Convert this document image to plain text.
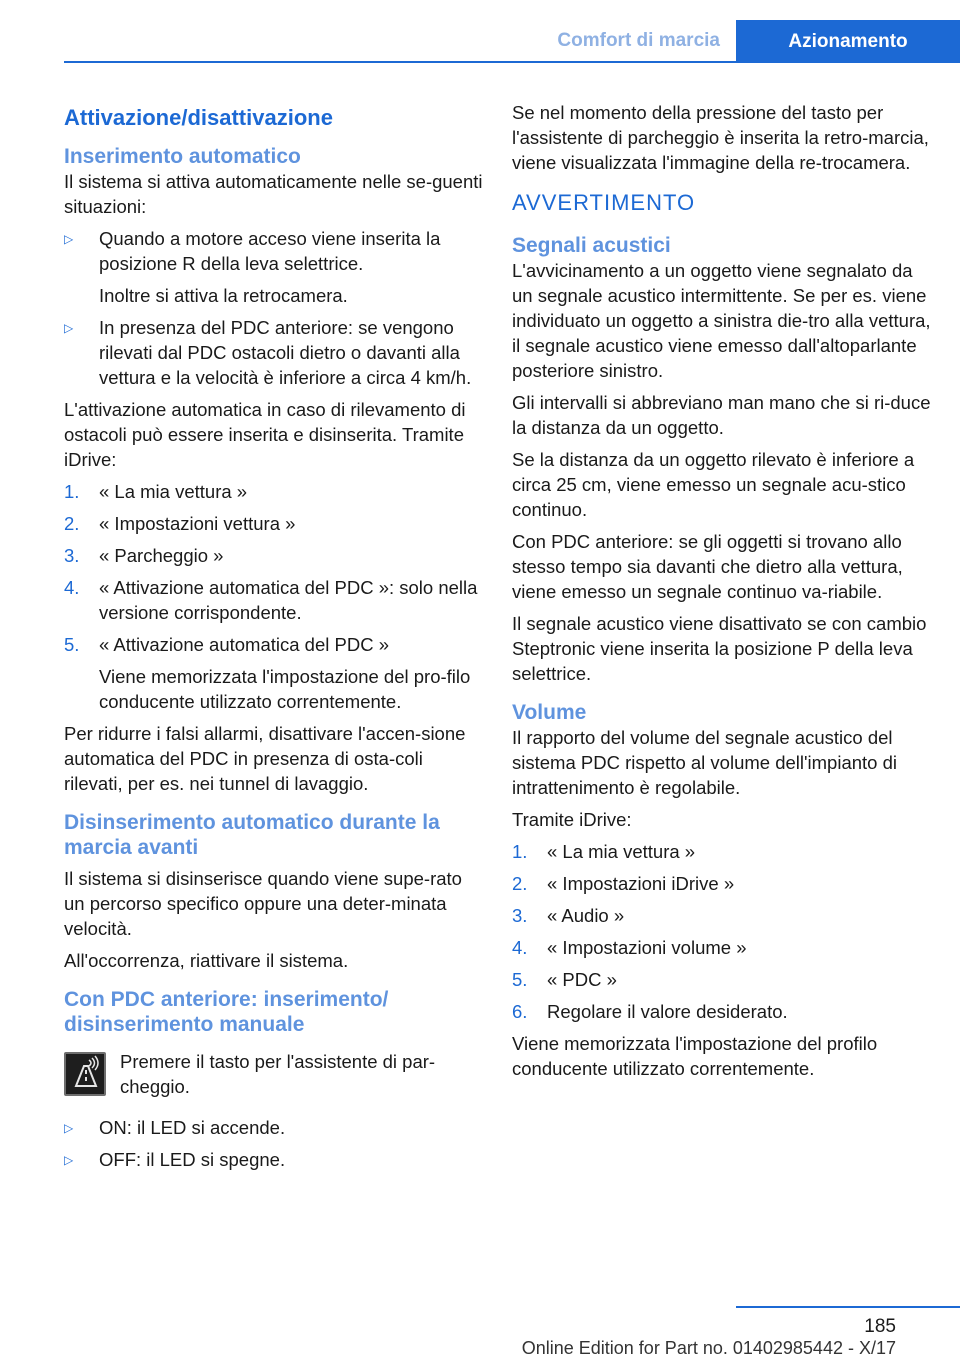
Comfort di marcia	Azionamento
Attivazione/disattivazione
Inserimento automatico

Il sistema si attiva automaticamente nelle se‐guenti situazioni:

▷ Quando a motore acceso viene inserita la posizione R della leva selettrice.
Inoltre si attiva la retrocamera.
▷ In presenza del PDC anteriore: se vengono rilevati dal PDC ostacoli dietro o davanti alla vettura e la velocità è inferiore a circa 4 km/h.

L'attivazione automatica in caso di rilevamento di ostacoli può essere inserita e disinserita. Tramite iDrive:

1. « La mia vettura »
2. « Impostazioni vettura »
3. « Parcheggio »
4. « Attivazione automatica del PDC »: solo nella versione corrispondente.
5. « Attivazione automatica del PDC »
Viene memorizzata l'impostazione del pro‐filo conducente utilizzato correntemente.

Per ridurre i falsi allarmi, disattivare l'accen‐sione automatica del PDC in presenza di osta‐coli rilevati, per es. nei tunnel di lavaggio.

Disinserimento automatico durante la marcia avanti

Il sistema si disinserisce quando viene supe‐rato un percorso specifico oppure una deter‐minata velocità.

All'occorrenza, riattivare il sistema.

Con PDC anteriore: inserimento/ disinserimento manuale

Premere il tasto per l'assistente di par‐cheggio.

▷ ON: il LED si accende.
▷ OFF: il LED si spegne.

Se nel momento della pressione del tasto per l'assistente di parcheggio è inserita la retro‐marcia, viene visualizzata l'immagine della re‐trocamera.

AVVERTIMENTO
Segnali acustici

L'avvicinamento a un oggetto viene segnalato da un segnale acustico intermittente. Se per es. viene individuato un oggetto a sinistra die‐tro alla vettura, il segnale acustico viene emesso dall'altoparlante posteriore sinistro.

Gli intervalli si abbreviano man mano che si ri‐duce la distanza da un oggetto.

Se la distanza da un oggetto rilevato è inferiore a circa 25 cm, viene emesso un segnale acu‐stico continuo.

Con PDC anteriore: se gli oggetti si trovano allo stesso tempo sia davanti che dietro alla vettura, viene emesso un segnale continuo va‐riabile.

Il segnale acustico viene disattivato se con cambio Steptronic viene inserita la posizione P della leva selettrice.

Volume

Il rapporto del volume del segnale acustico del sistema PDC rispetto al volume dell'impianto di intrattenimento è regolabile.

Tramite iDrive:

1. « La mia vettura »
2. « Impostazioni iDrive »
3. « Audio »
4. « Impostazioni volume »
5. « PDC »
6. Regolare il valore desiderato.

Viene memorizzata l'impostazione del profilo conducente utilizzato correntemente.

185
Online Edition for Part no. 01402985442 - X/17
